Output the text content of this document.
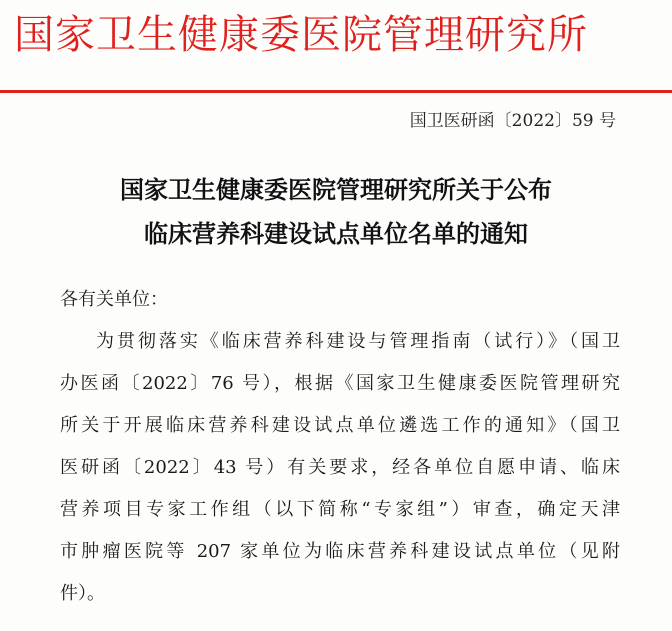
国家卫生健康委医院管理研究所
国卫医研函〔2022〕59 号
国家卫生健康委医院管理研究所关于公布
临床营养科建设试点单位名单的通知
各有关单位：
为贯彻落实《临床营养科建设与管理指南（试行）》（国卫
办医函〔2022〕76 号），根据《国家卫生健康委医院管理研究
所关于开展临床营养科建设试点单位遴选工作的通知》（国卫
医研函〔2022〕43 号）有关要求，经各单位自愿申请、临床
营养项目专家工作组（以下简称“专家组”）审查，确定天津
市肿瘤医院等 207 家单位为临床营养科建设试点单位（见附
件）。
